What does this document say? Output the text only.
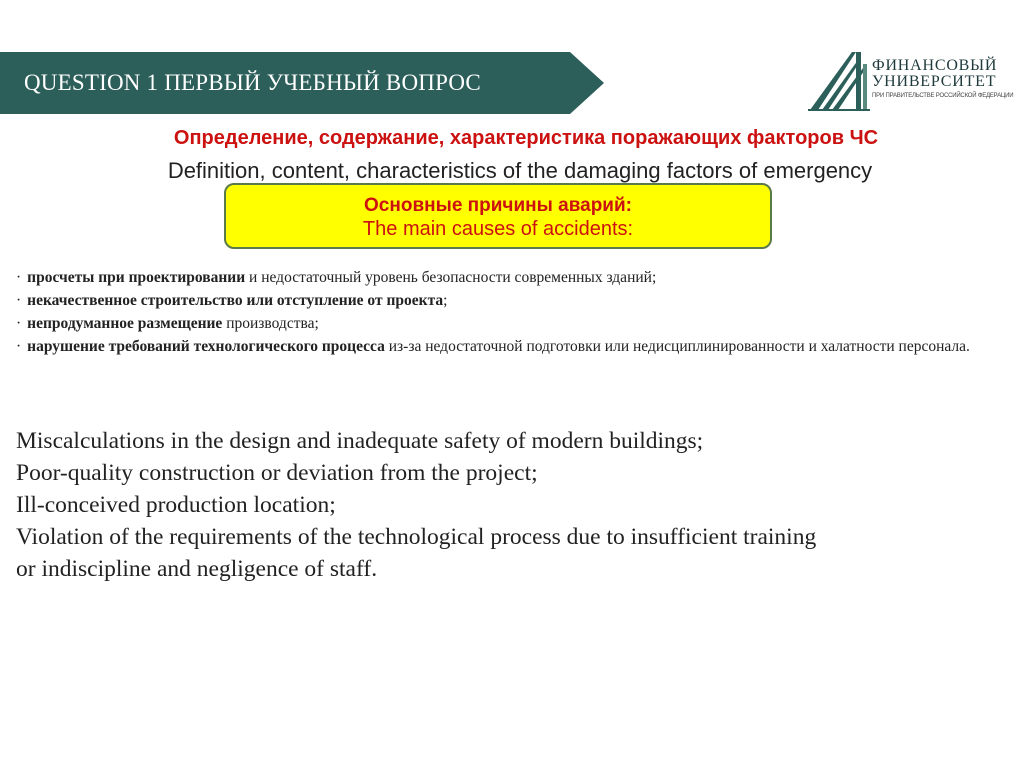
QUESTION 1 ПЕРВЫЙ УЧЕБНЫЙ ВОПРОС
ФИНАНСОВЫЙ
УНИВЕРСИТЕТ
ПРИ ПРАВИТЕЛЬСТВЕ РОССИЙСКОЙ ФЕДЕРАЦИИ
Определение, содержание, характеристика поражающих факторов ЧС
Definition, content, characteristics of the damaging factors of emergency
Основные причины аварий:
The main causes of accidents:
· просчеты при проектировании и недостаточный уровень безопасности современных зданий;
· некачественное строительство или отступление от проекта;
· непродуманное размещение производства;
· нарушение требований технологического процесса из-за недостаточной подготовки или недисциплинированности и халатности персонала.
Miscalculations in the design and inadequate safety of modern buildings;
Poor-quality construction or deviation from the project;
Ill-conceived production location;
Violation of the requirements of the technological process due to insufficient training
or indiscipline and negligence of staff.
